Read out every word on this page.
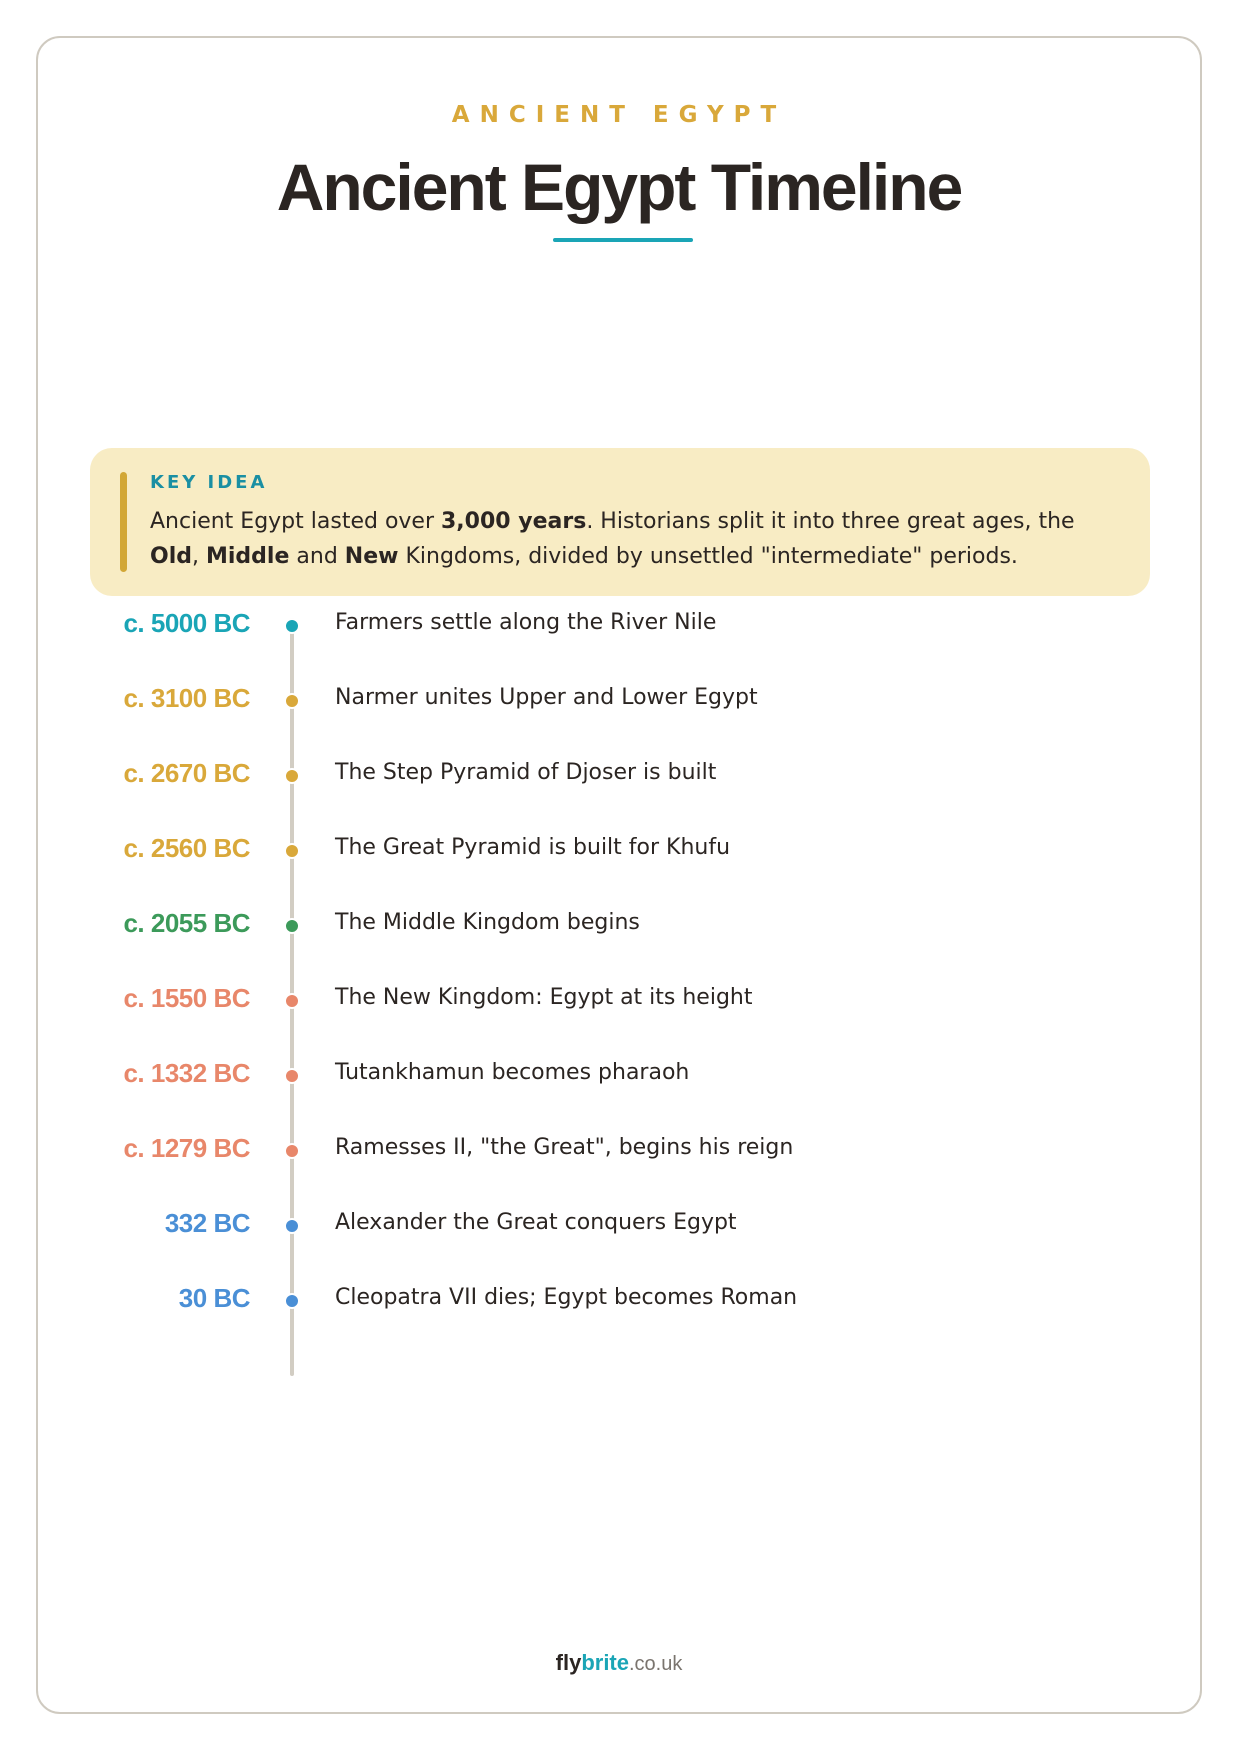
ANCIENT EGYPT
Ancient Egypt Timeline
KEY IDEA
Ancient Egypt lasted over 3,000 years. Historians split it into three great ages, the
Old, Middle and New Kingdoms, divided by unsettled "intermediate" periods.
c. 5000 BC	Farmers settle along the River Nile
c. 3100 BC	Narmer unites Upper and Lower Egypt
c. 2670 BC	The Step Pyramid of Djoser is built
c. 2560 BC	The Great Pyramid is built for Khufu
c. 2055 BC	The Middle Kingdom begins
c. 1550 BC	The New Kingdom: Egypt at its height
c. 1332 BC	Tutankhamun becomes pharaoh
c. 1279 BC	Ramesses II, "the Great", begins his reign
332 BC	Alexander the Great conquers Egypt
30 BC	Cleopatra VII dies; Egypt becomes Roman
flybrite.co.uk
